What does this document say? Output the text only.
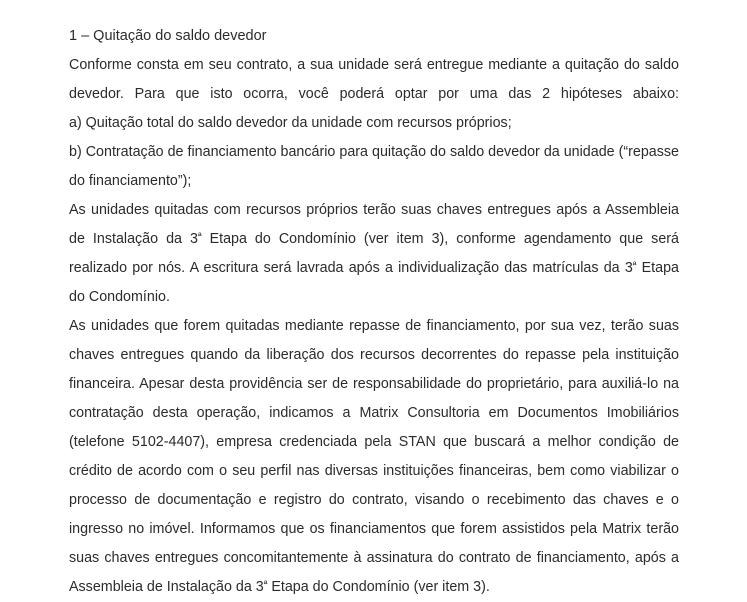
1 – Quitação do saldo devedor

Conforme consta em seu contrato, a sua unidade será entregue mediante a quitação do saldo devedor. Para que isto ocorra, você poderá optar por uma das 2 hipóteses abaixo:

a) Quitação total do saldo devedor da unidade com recursos próprios;

b) Contratação de financiamento bancário para quitação do saldo devedor da unidade (“repasse do financiamento”);

As unidades quitadas com recursos próprios terão suas chaves entregues após a Assembleia de Instalação da $3^ª$ Etapa do Condomínio (ver item 3), conforme agendamento que será realizado por nós. A escritura será lavrada após a individualização das matrículas da $3^ª$ Etapa do Condomínio.

As unidades que forem quitadas mediante repasse de financiamento, por sua vez, terão suas chaves entregues quando da liberação dos recursos decorrentes do repasse pela instituição financeira. Apesar desta providência ser de responsabilidade do proprietário, para auxiliá-lo na contratação desta operação, indicamos a Matrix Consultoria em Documentos Imobiliários (telefone 5102-4407), empresa credenciada pela STAN que buscará a melhor condição de crédito de acordo com o seu perfil nas diversas instituições financeiras, bem como viabilizar o processo de documentação e registro do contrato, visando o recebimento das chaves e o ingresso no imóvel. Informamos que os financiamentos que forem assistidos pela Matrix terão suas chaves entregues concomitantemente à assinatura do contrato de financiamento, após a Assembleia de Instalação da $3^ª$ Etapa do Condomínio (ver item 3).
